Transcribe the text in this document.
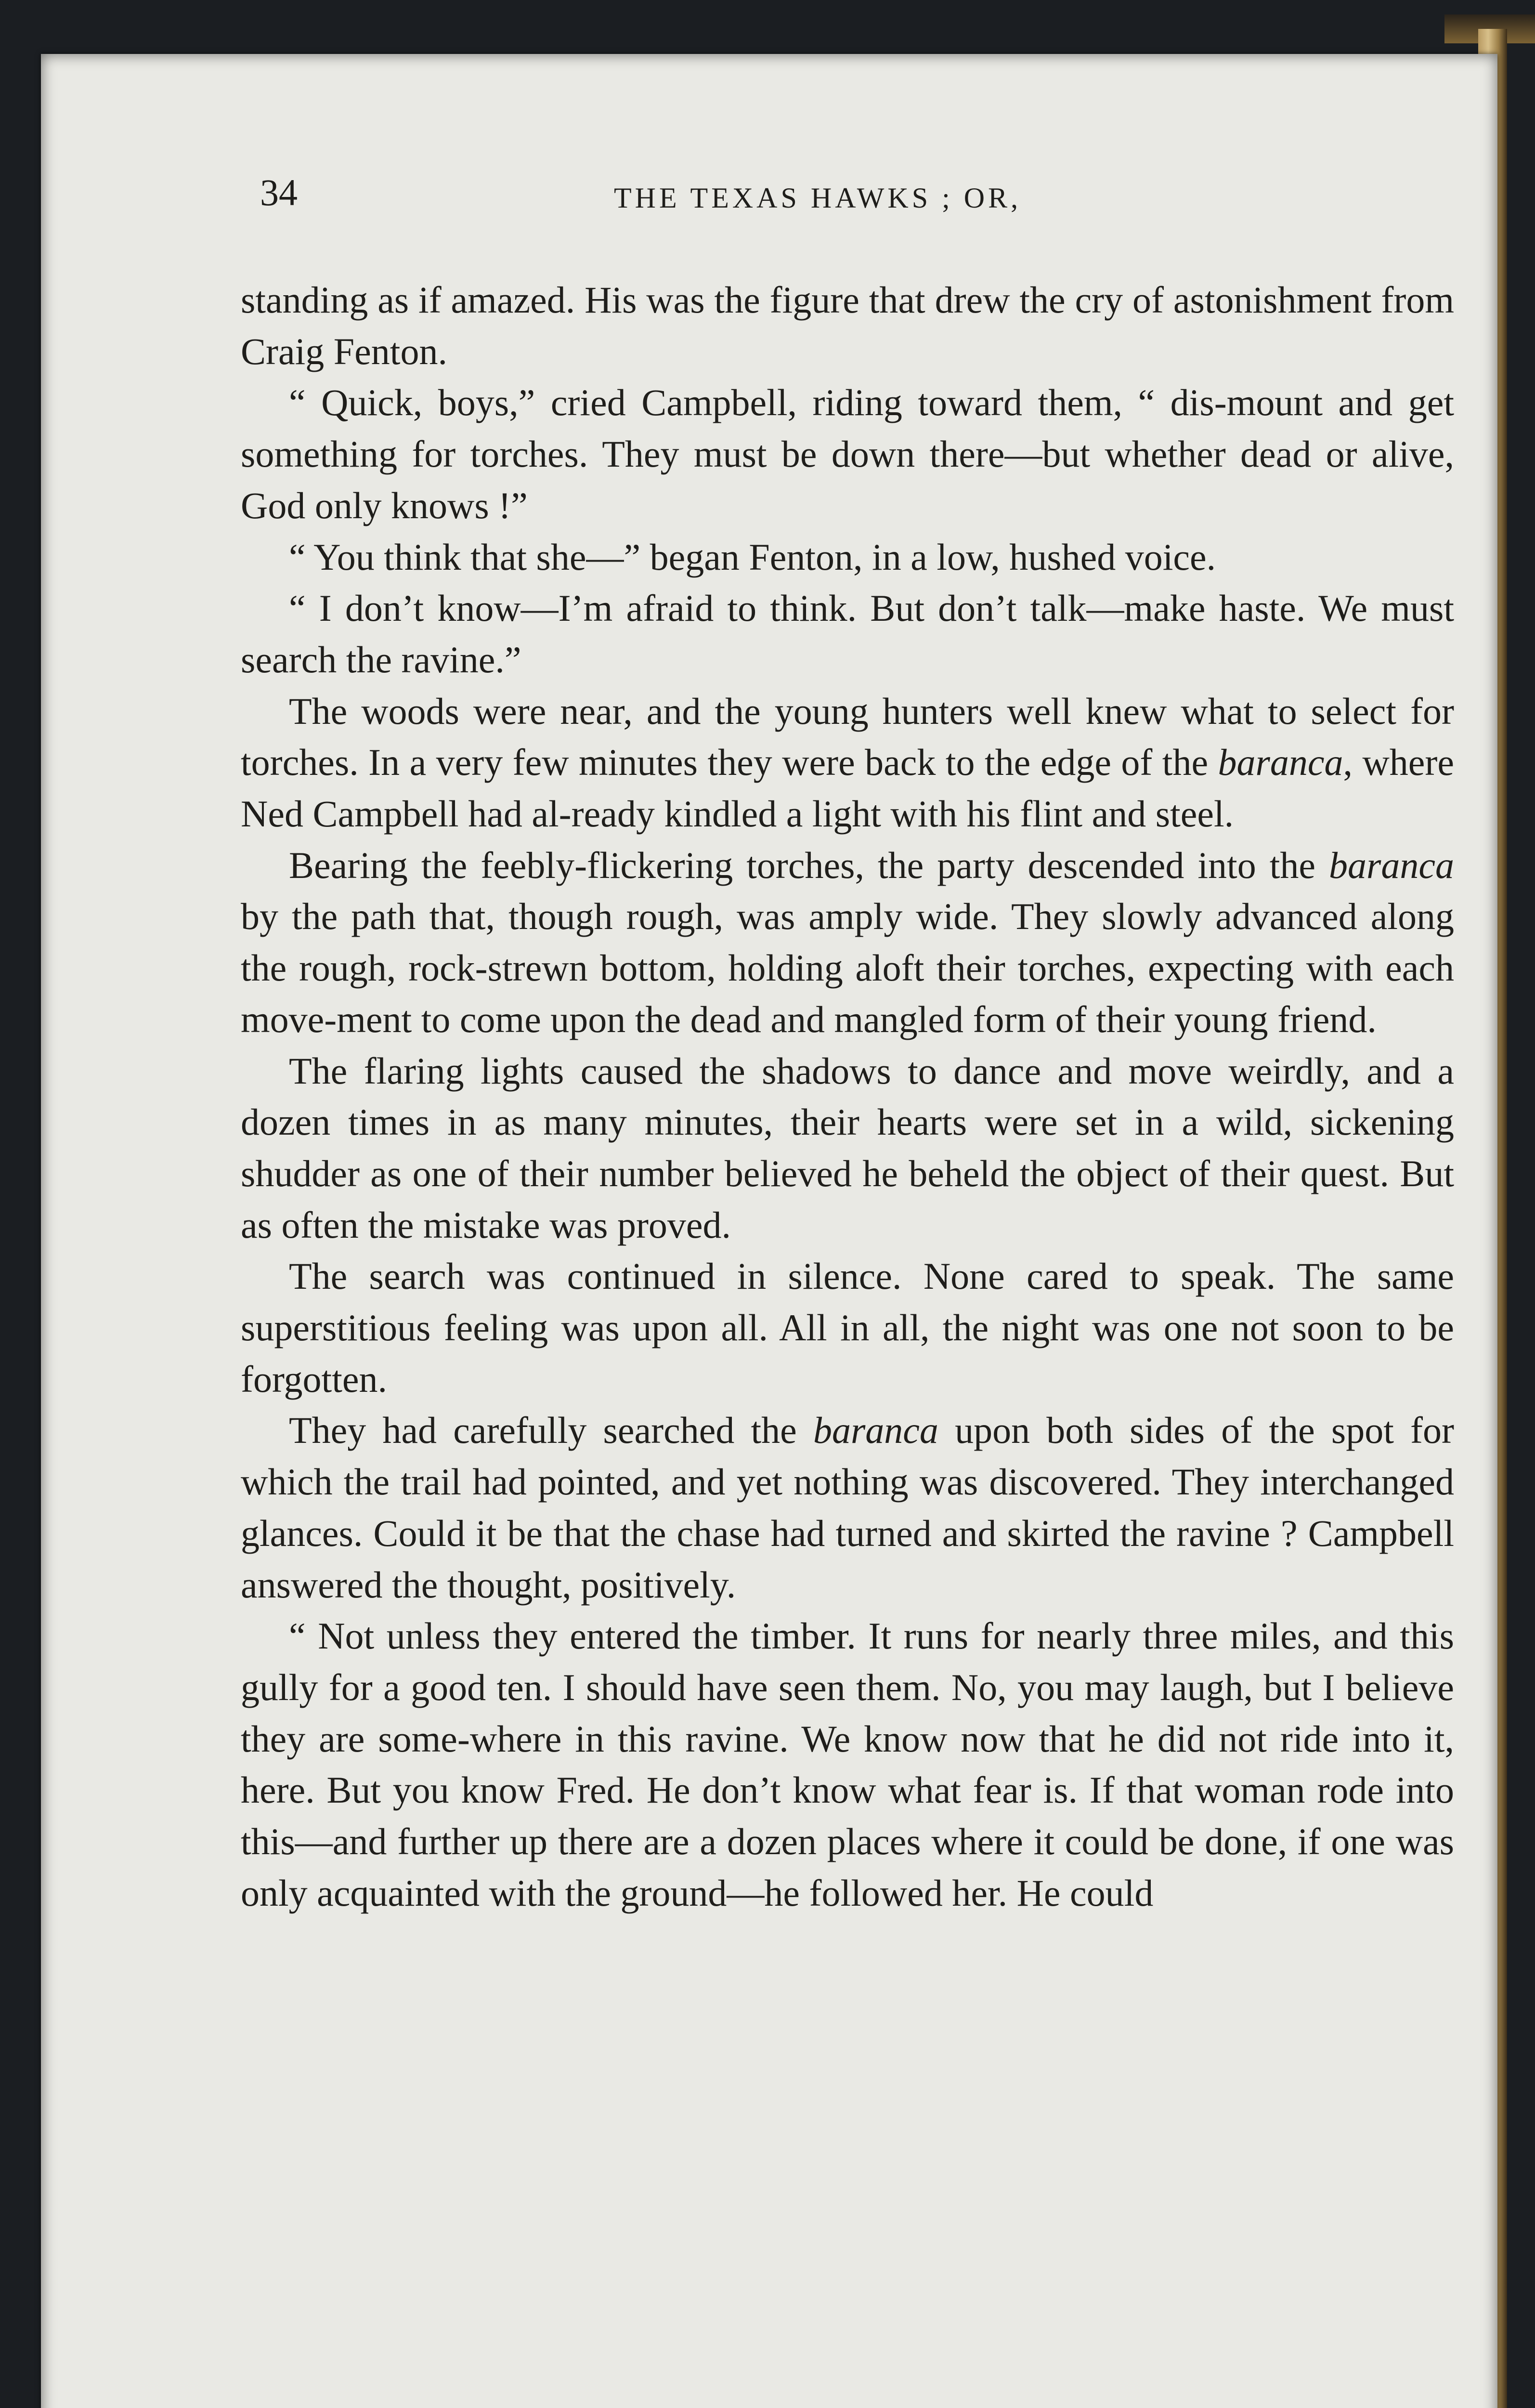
34	THE TEXAS HAWKS ; OR,

standing as if amazed. His was the figure that drew the cry of astonishment from Craig Fenton.

“ Quick, boys,” cried Campbell, riding toward them, “ dis-mount and get something for torches. They must be down there—but whether dead or alive, God only knows !”

“ You think that she—” began Fenton, in a low, hushed voice.

“ I don’t know—I’m afraid to think. But don’t talk—make haste. We must search the ravine.”

The woods were near, and the young hunters well knew what to select for torches. In a very few minutes they were back to the edge of the baranca, where Ned Campbell had al-ready kindled a light with his flint and steel.

Bearing the feebly-flickering torches, the party descended into the baranca by the path that, though rough, was amply wide. They slowly advanced along the rough, rock-strewn bottom, holding aloft their torches, expecting with each move-ment to come upon the dead and mangled form of their young friend.

The flaring lights caused the shadows to dance and move weirdly, and a dozen times in as many minutes, their hearts were set in a wild, sickening shudder as one of their number believed he beheld the object of their quest. But as often the mistake was proved.

The search was continued in silence. None cared to speak. The same superstitious feeling was upon all. All in all, the night was one not soon to be forgotten.

They had carefully searched the baranca upon both sides of the spot for which the trail had pointed, and yet nothing was discovered. They interchanged glances. Could it be that the chase had turned and skirted the ravine ? Campbell answered the thought, positively.

“ Not unless they entered the timber. It runs for nearly three miles, and this gully for a good ten. I should have seen them. No, you may laugh, but I believe they are some-where in this ravine. We know now that he did not ride into it, here. But you know Fred. He don’t know what fear is. If that woman rode into this—and further up there are a dozen places where it could be done, if one was only acquainted with the ground—he followed her. He could
